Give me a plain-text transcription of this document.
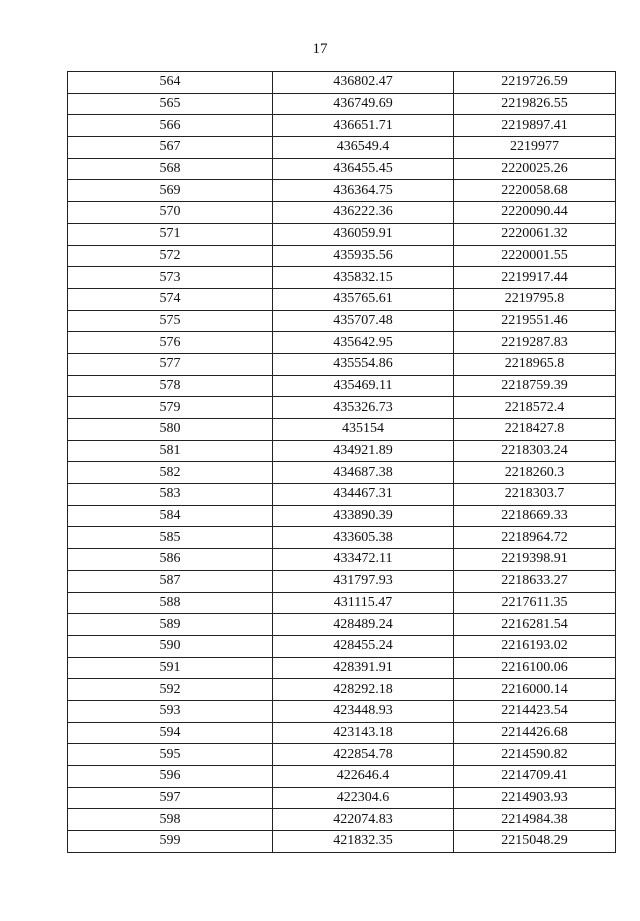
17
564	436802.47	2219726.59
565	436749.69	2219826.55
566	436651.71	2219897.41
567	436549.4	2219977
568	436455.45	2220025.26
569	436364.75	2220058.68
570	436222.36	2220090.44
571	436059.91	2220061.32
572	435935.56	2220001.55
573	435832.15	2219917.44
574	435765.61	2219795.8
575	435707.48	2219551.46
576	435642.95	2219287.83
577	435554.86	2218965.8
578	435469.11	2218759.39
579	435326.73	2218572.4
580	435154	2218427.8
581	434921.89	2218303.24
582	434687.38	2218260.3
583	434467.31	2218303.7
584	433890.39	2218669.33
585	433605.38	2218964.72
586	433472.11	2219398.91
587	431797.93	2218633.27
588	431115.47	2217611.35
589	428489.24	2216281.54
590	428455.24	2216193.02
591	428391.91	2216100.06
592	428292.18	2216000.14
593	423448.93	2214423.54
594	423143.18	2214426.68
595	422854.78	2214590.82
596	422646.4	2214709.41
597	422304.6	2214903.93
598	422074.83	2214984.38
599	421832.35	2215048.29
